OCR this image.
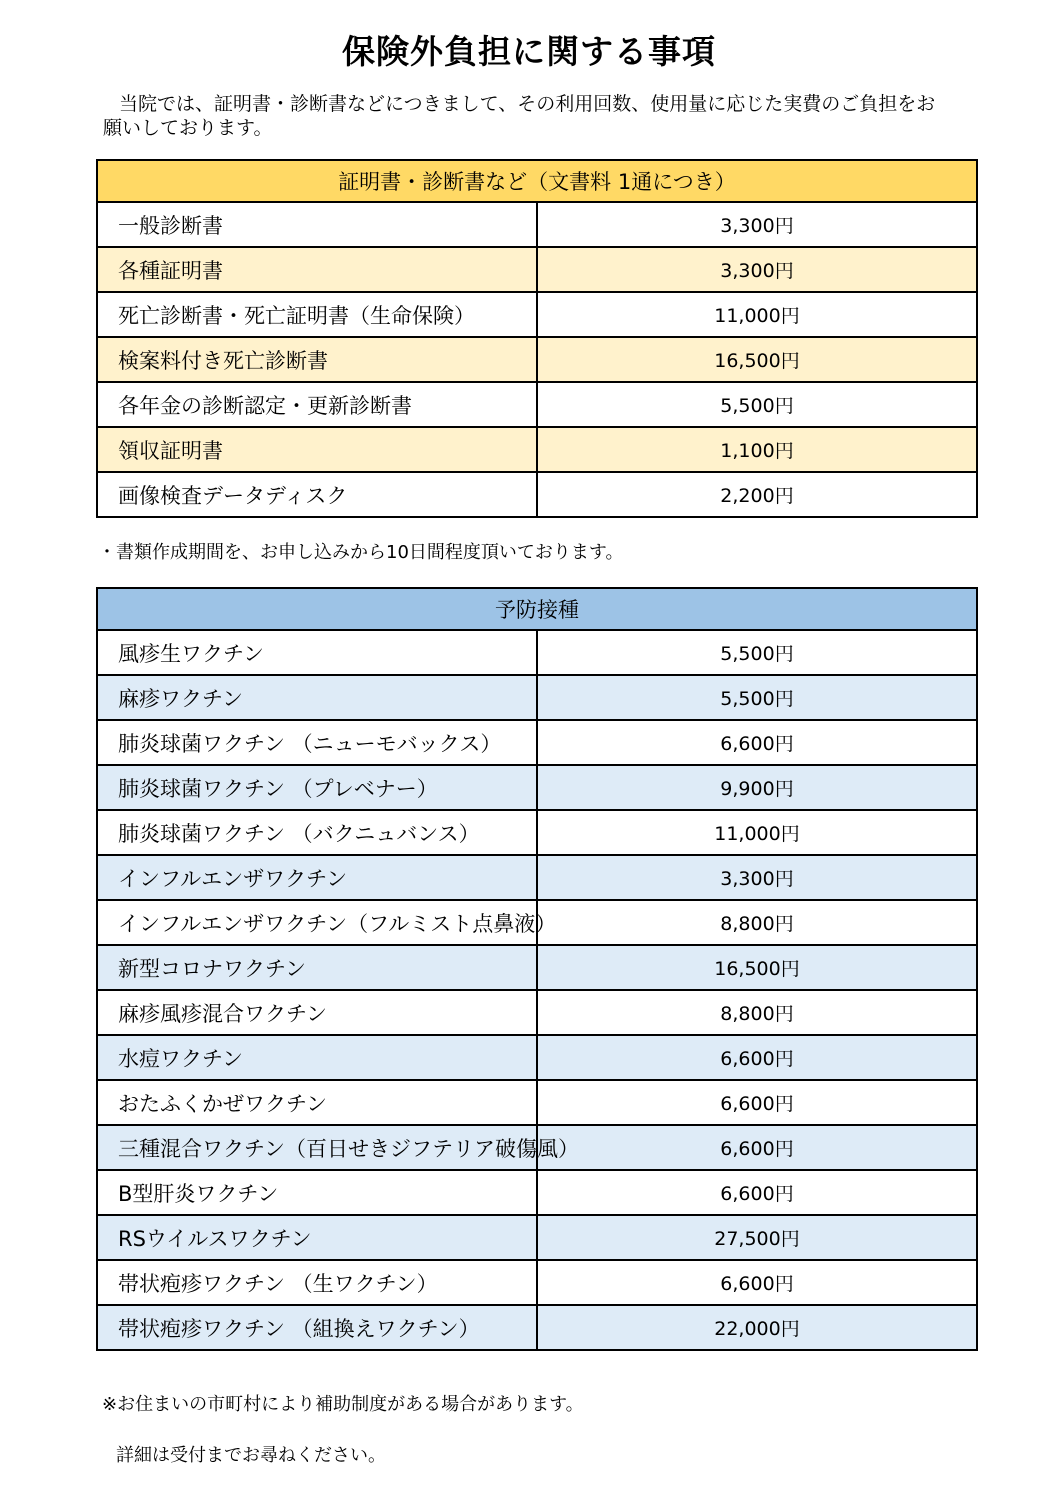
保険外負担に関する事項
当院では、証明書・診断書などにつきまして、その利用回数、使用量に応じた実費のご負担をお
願いしております。
証明書・診断書など（文書料 1通につき）	
一般診断書	3,300円
各種証明書	3,300円
死亡診断書・死亡証明書（生命保険）	11,000円
検案料付き死亡診断書	16,500円
各年金の診断認定・更新診断書	5,500円
領収証明書	1,100円
画像検査データディスク	2,200円
・書類作成期間を、お申し込みから10日間程度頂いております。
予防接種	
風疹生ワクチン	5,500円
麻疹ワクチン	5,500円
肺炎球菌ワクチン （ニューモバックス）	6,600円
肺炎球菌ワクチン （プレベナー）	9,900円
肺炎球菌ワクチン （バクニュバンス）	11,000円
インフルエンザワクチン	3,300円
インフルエンザワクチン（フルミスト点鼻液）	8,800円
新型コロナワクチン	16,500円
麻疹風疹混合ワクチン	8,800円
水痘ワクチン	6,600円
おたふくかぜワクチン	6,600円
三種混合ワクチン（百日せきジフテリア破傷風）	6,600円
B型肝炎ワクチン	6,600円
RSウイルスワクチン	27,500円
帯状疱疹ワクチン （生ワクチン）	6,600円
帯状疱疹ワクチン （組換えワクチン）	22,000円
※お住まいの市町村により補助制度がある場合があります。
詳細は受付までお尋ねください。
